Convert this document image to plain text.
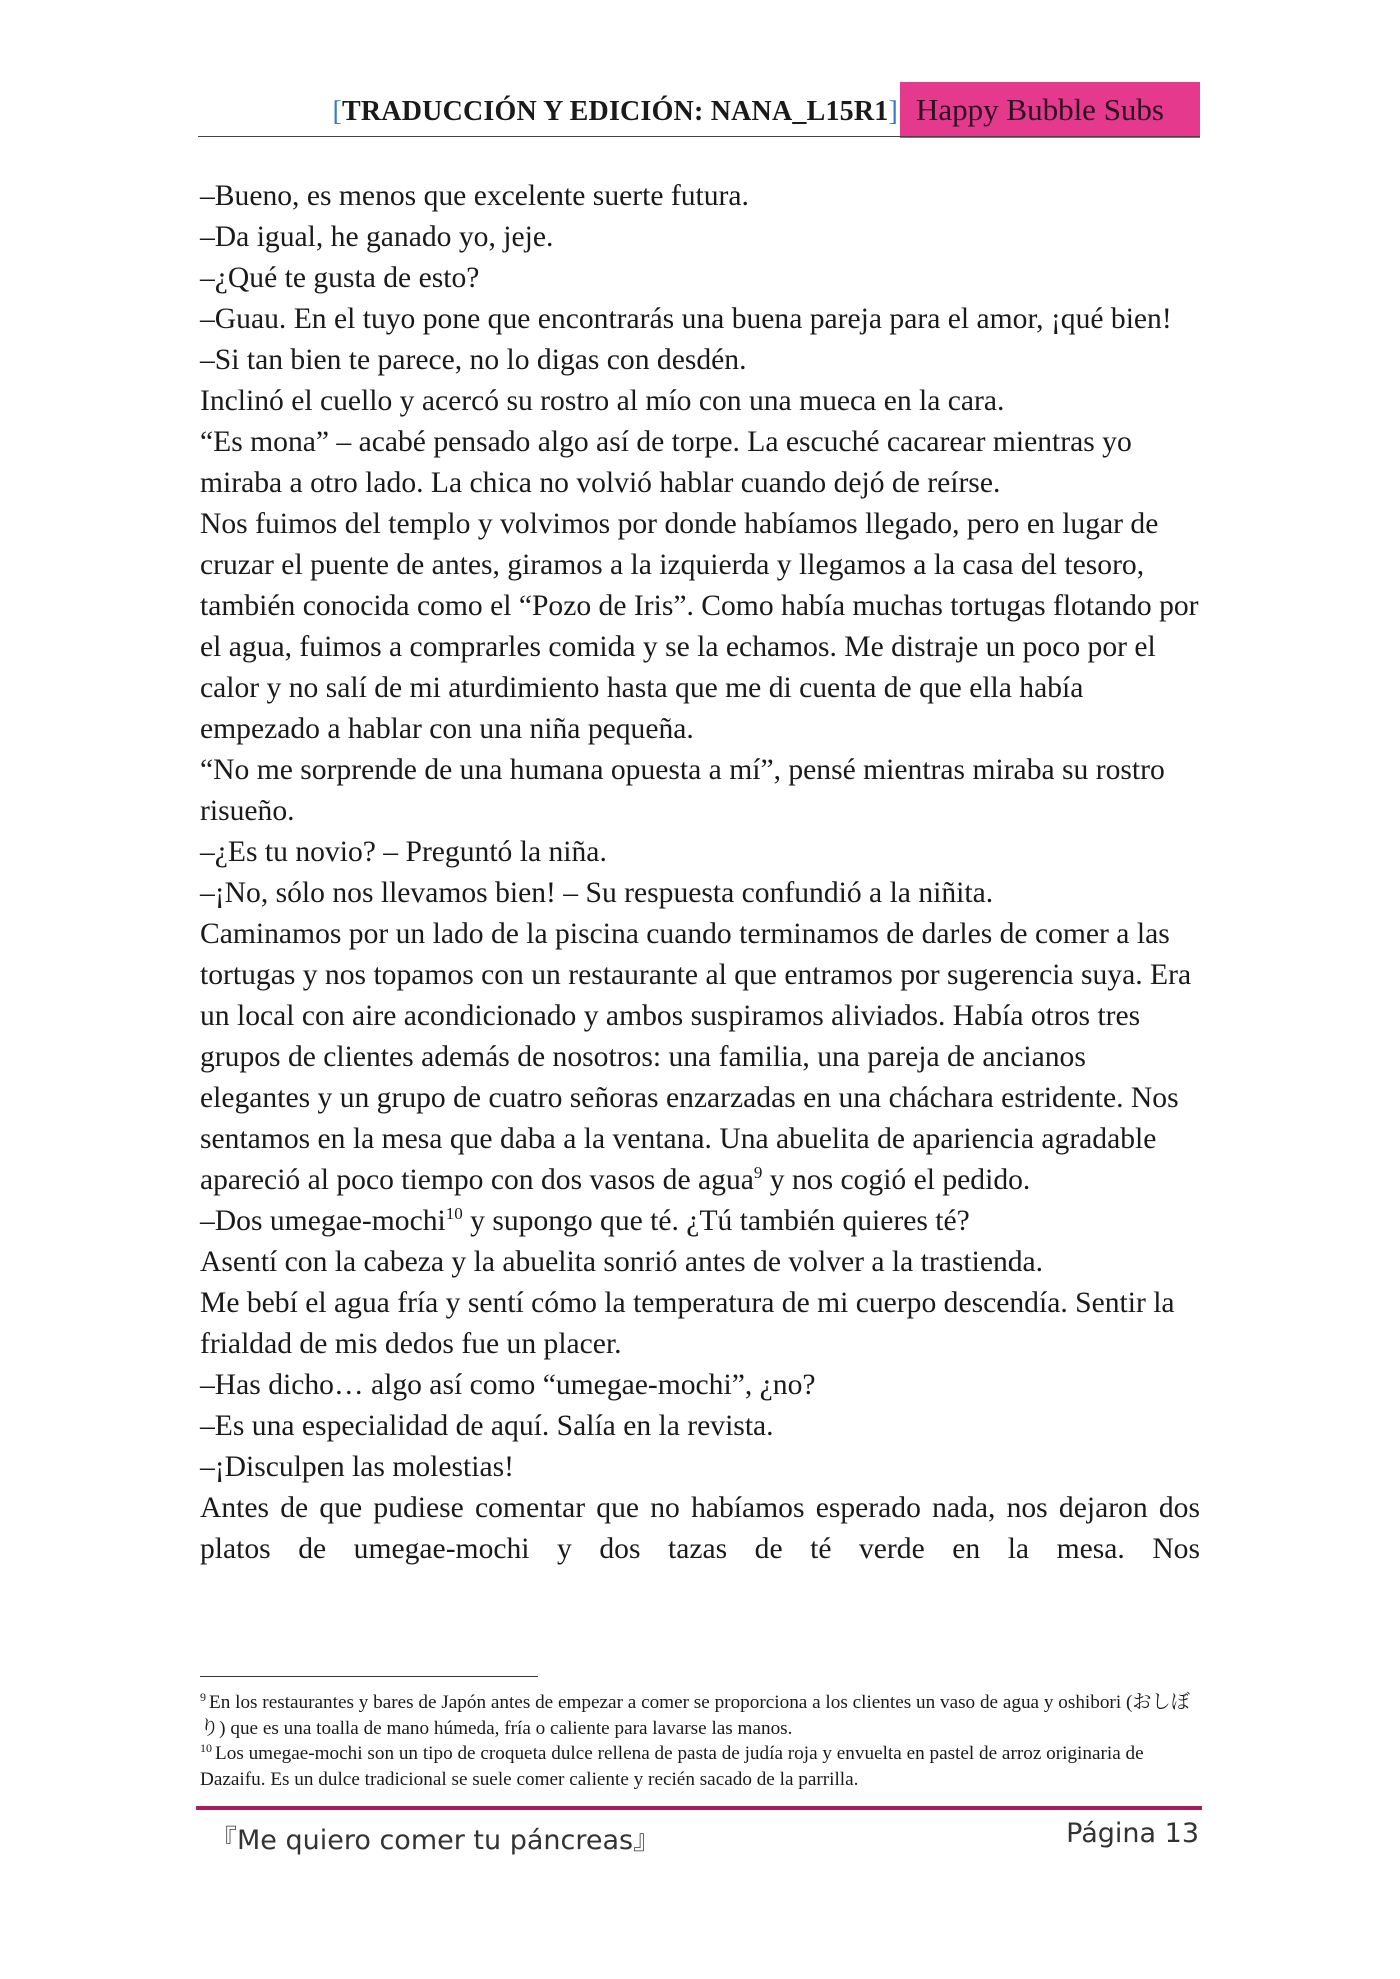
[TRADUCCIÓN Y EDICIÓN: NANA_L15R1] Happy Bubble Subs

–Bueno, es menos que excelente suerte futura.

–Da igual, he ganado yo, jeje.

–¿Qué te gusta de esto?

–Guau. En el tuyo pone que encontrarás una buena pareja para el amor, ¡qué bien!

–Si tan bien te parece, no lo digas con desdén.

Inclinó el cuello y acercó su rostro al mío con una mueca en la cara.

“Es mona” – acabé pensado algo así de torpe. La escuché cacarear mientras yo miraba a otro lado. La chica no volvió hablar cuando dejó de reírse.

Nos fuimos del templo y volvimos por donde habíamos llegado, pero en lugar de cruzar el puente de antes, giramos a la izquierda y llegamos a la casa del tesoro, también conocida como el “Pozo de Iris”. Como había muchas tortugas flotando por el agua, fuimos a comprarles comida y se la echamos. Me distraje un poco por el calor y no salí de mi aturdimiento hasta que me di cuenta de que ella había empezado a hablar con una niña pequeña.

“No me sorprende de una humana opuesta a mí”, pensé mientras miraba su rostro risueño.

–¿Es tu novio? – Preguntó la niña.

–¡No, sólo nos llevamos bien! – Su respuesta confundió a la niñita.

Caminamos por un lado de la piscina cuando terminamos de darles de comer a las tortugas y nos topamos con un restaurante al que entramos por sugerencia suya. Era un local con aire acondicionado y ambos suspiramos aliviados. Había otros tres grupos de clientes además de nosotros: una familia, una pareja de ancianos elegantes y un grupo de cuatro señoras enzarzadas en una cháchara estridente. Nos sentamos en la mesa que daba a la ventana. Una abuelita de apariencia agradable apareció al poco tiempo con dos vasos de agua$^9$ y nos cogió el pedido.

–Dos umegae-mochi$^{10}$ y supongo que té. ¿Tú también quieres té?

Asentí con la cabeza y la abuelita sonrió antes de volver a la trastienda.

Me bebí el agua fría y sentí cómo la temperatura de mi cuerpo descendía. Sentir la frialdad de mis dedos fue un placer.

–Has dicho… algo así como “umegae-mochi”, ¿no?

–Es una especialidad de aquí. Salía en la revista.

–¡Disculpen las molestias!

Antes de que pudiese comentar que no habíamos esperado nada, nos dejaron dos platos de umegae-mochi y dos tazas de té verde en la mesa. Nos

$^9$ En los restaurantes y bares de Japón antes de empezar a comer se proporciona a los clientes un vaso de agua y oshibori (おしぼり) que es una toalla de mano húmeda, fría o caliente para lavarse las manos.

$^{10}$ Los umegae-mochi son un tipo de croqueta dulce rellena de pasta de judía roja y envuelta en pastel de arroz originaria de Dazaifu. Es un dulce tradicional se suele comer caliente y recién sacado de la parrilla.

『Me quiero comer tu páncreas』	Página 13
